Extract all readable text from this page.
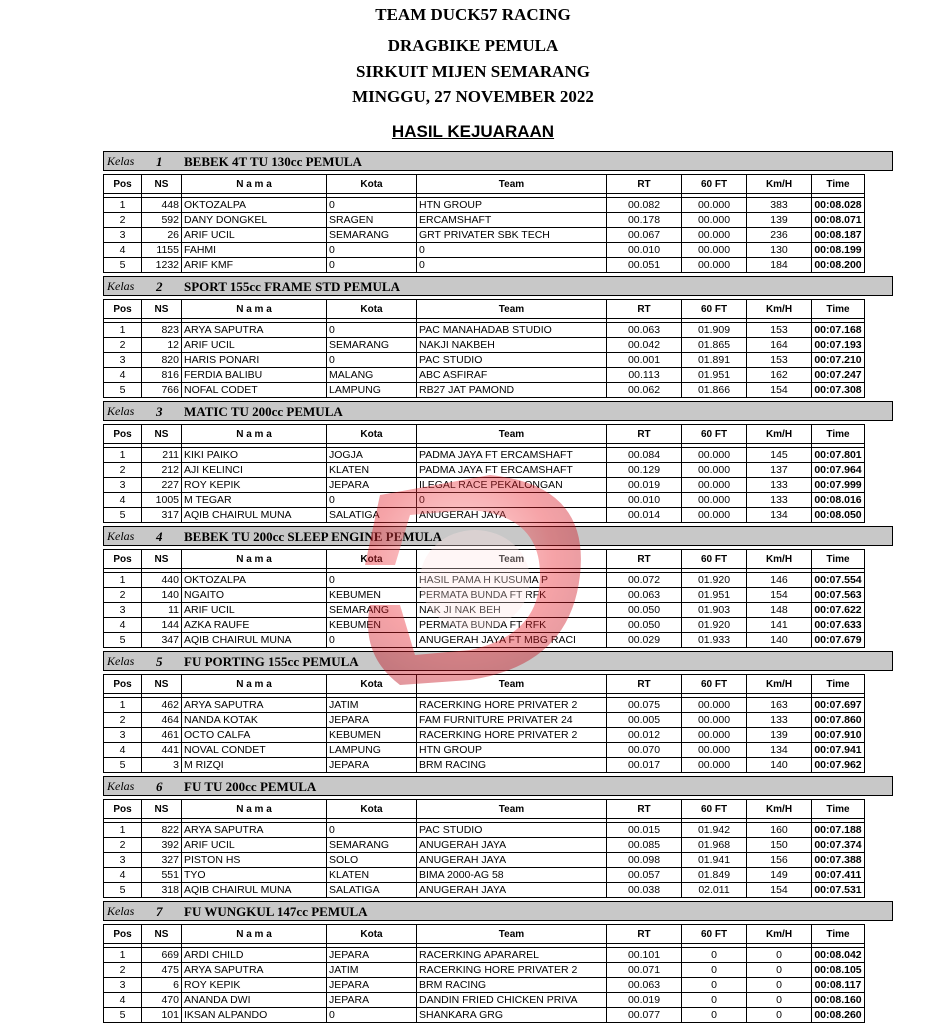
TEAM DUCK57 RACING
DRAGBIKE PEMULA
SIRKUIT MIJEN SEMARANG
MINGGU, 27 NOVEMBER 2022
HASIL KEJUARAAN
Kelas 1 BEBEK 4T TU 130cc PEMULA
Pos	NS	N a m a	Kota	Team	RT	60 FT	Km/H	Time

1	448	OKTOZALPA	0	HTN GROUP	00.082	00.000	383	00:08.028
2	592	DANY DONGKEL	SRAGEN	ERCAMSHAFT	00.178	00.000	139	00:08.071
3	26	ARIF UCIL	SEMARANG	GRT PRIVATER SBK TECH	00.067	00.000	236	00:08.187
4	1155	FAHMI	0	0	00.010	00.000	130	00:08.199
5	1232	ARIF KMF	0	0	00.051	00.000	184	00:08.200
Kelas 2 SPORT 155cc FRAME STD PEMULA
Pos	NS	N a m a	Kota	Team	RT	60 FT	Km/H	Time

1	823	ARYA SAPUTRA	0	PAC MANAHADAB STUDIO	00.063	01.909	153	00:07.168
2	12	ARIF UCIL	SEMARANG	NAKJI NAKBEH	00.042	01.865	164	00:07.193
3	820	HARIS PONARI	0	PAC STUDIO	00.001	01.891	153	00:07.210
4	816	FERDIA BALIBU	MALANG	ABC ASFIRAF	00.113	01.951	162	00:07.247
5	766	NOFAL CODET	LAMPUNG	RB27 JAT PAMOND	00.062	01.866	154	00:07.308
Kelas 3 MATIC TU 200cc PEMULA
Pos	NS	N a m a	Kota	Team	RT	60 FT	Km/H	Time

1	211	KIKI PAIKO	JOGJA	PADMA JAYA FT ERCAMSHAFT	00.084	00.000	145	00:07.801
2	212	AJI KELINCI	KLATEN	PADMA JAYA FT ERCAMSHAFT	00.129	00.000	137	00:07.964
3	227	ROY KEPIK	JEPARA	ILEGAL RACE PEKALONGAN	00.019	00.000	133	00:07.999
4	1005	M TEGAR	0	0	00.010	00.000	133	00:08.016
5	317	AQIB CHAIRUL MUNA	SALATIGA	ANUGERAH JAYA	00.014	00.000	134	00:08.050
Kelas 4 BEBEK TU 200cc SLEEP ENGINE PEMULA
Pos	NS	N a m a	Kota	Team	RT	60 FT	Km/H	Time

1	440	OKTOZALPA	0	HASIL PAMA H KUSUMA P	00.072	01.920	146	00:07.554
2	140	NGAITO	KEBUMEN	PERMATA BUNDA FT RFK	00.063	01.951	154	00:07.563
3	11	ARIF UCIL	SEMARANG	NAK JI NAK BEH	00.050	01.903	148	00:07.622
4	144	AZKA RAUFE	KEBUMEN	PERMATA BUNDA FT RFK	00.050	01.920	141	00:07.633
5	347	AQIB CHAIRUL MUNA	0	ANUGERAH JAYA FT MBG RACI	00.029	01.933	140	00:07.679
Kelas 5 FU PORTING 155cc PEMULA
Pos	NS	N a m a	Kota	Team	RT	60 FT	Km/H	Time

1	462	ARYA SAPUTRA	JATIM	RACERKING HORE PRIVATER 2	00.075	00.000	163	00:07.697
2	464	NANDA KOTAK	JEPARA	FAM FURNITURE PRIVATER 24	00.005	00.000	133	00:07.860
3	461	OCTO CALFA	KEBUMEN	RACERKING HORE PRIVATER 2	00.012	00.000	139	00:07.910
4	441	NOVAL CONDET	LAMPUNG	HTN GROUP	00.070	00.000	134	00:07.941
5	3	M RIZQI	JEPARA	BRM RACING	00.017	00.000	140	00:07.962
Kelas 6 FU TU 200cc PEMULA
Pos	NS	N a m a	Kota	Team	RT	60 FT	Km/H	Time

1	822	ARYA SAPUTRA	0	PAC STUDIO	00.015	01.942	160	00:07.188
2	392	ARIF UCIL	SEMARANG	ANUGERAH JAYA	00.085	01.968	150	00:07.374
3	327	PISTON HS	SOLO	ANUGERAH JAYA	00.098	01.941	156	00:07.388
4	551	TYO	KLATEN	BIMA 2000-AG 58	00.057	01.849	149	00:07.411
5	318	AQIB CHAIRUL MUNA	SALATIGA	ANUGERAH JAYA	00.038	02.011	154	00:07.531
Kelas 7 FU WUNGKUL 147cc PEMULA
Pos	NS	N a m a	Kota	Team	RT	60 FT	Km/H	Time

1	669	ARDI CHILD	JEPARA	RACERKING APARAREL	00.101	0	0	00:08.042
2	475	ARYA SAPUTRA	JATIM	RACERKING HORE PRIVATER 2	00.071	0	0	00:08.105
3	6	ROY KEPIK	JEPARA	BRM RACING	00.063	0	0	00:08.117
4	470	ANANDA DWI	JEPARA	DANDIN FRIED CHICKEN PRIVA	00.019	0	0	00:08.160
5	101	IKSAN ALPANDO	0	SHANKARA GRG	00.077	0	0	00:08.260
